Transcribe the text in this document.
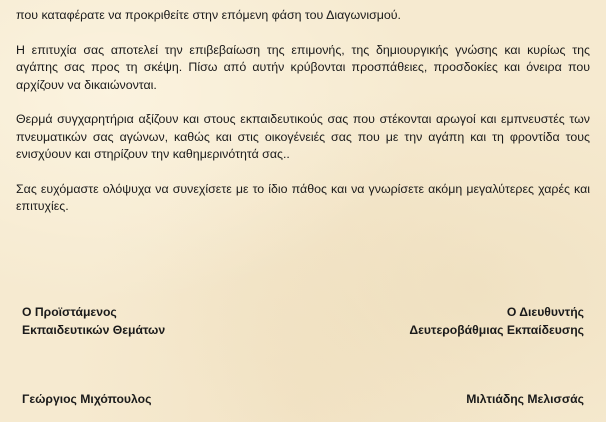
που καταφέρατε να προκριθείτε στην επόμενη φάση του Διαγωνισμού.

Η επιτυχία σας αποτελεί την επιβεβαίωση της επιμονής, της δημιουργικής γνώσης και κυρίως της αγάπης σας προς τη σκέψη. Πίσω από αυτήν κρύβονται προσπάθειες, προσδοκίες και όνειρα που αρχίζουν να δικαιώνονται.

Θερμά συγχαρητήρια αξίζουν και στους εκπαιδευτικούς σας που στέκονται αρωγοί και εμπνευστές των πνευματικών σας αγώνων, καθώς και στις οικογένειές σας που με την αγάπη και τη φροντίδα τους ενισχύουν και στηρίζουν την καθημερινότητά σας..

Σας ευχόμαστε ολόψυχα να συνεχίσετε με το ίδιο πάθος και να γνωρίσετε ακόμη μεγαλύτερες χαρές και επιτυχίες.

Ο Προϊστάμενος
Εκπαιδευτικών Θεμάτων
Ο Διευθυντής
Δευτεροβάθμιας Εκπαίδευσης
Γεώργιος Μιχόπουλος	Μιλτιάδης Μελισσάς
